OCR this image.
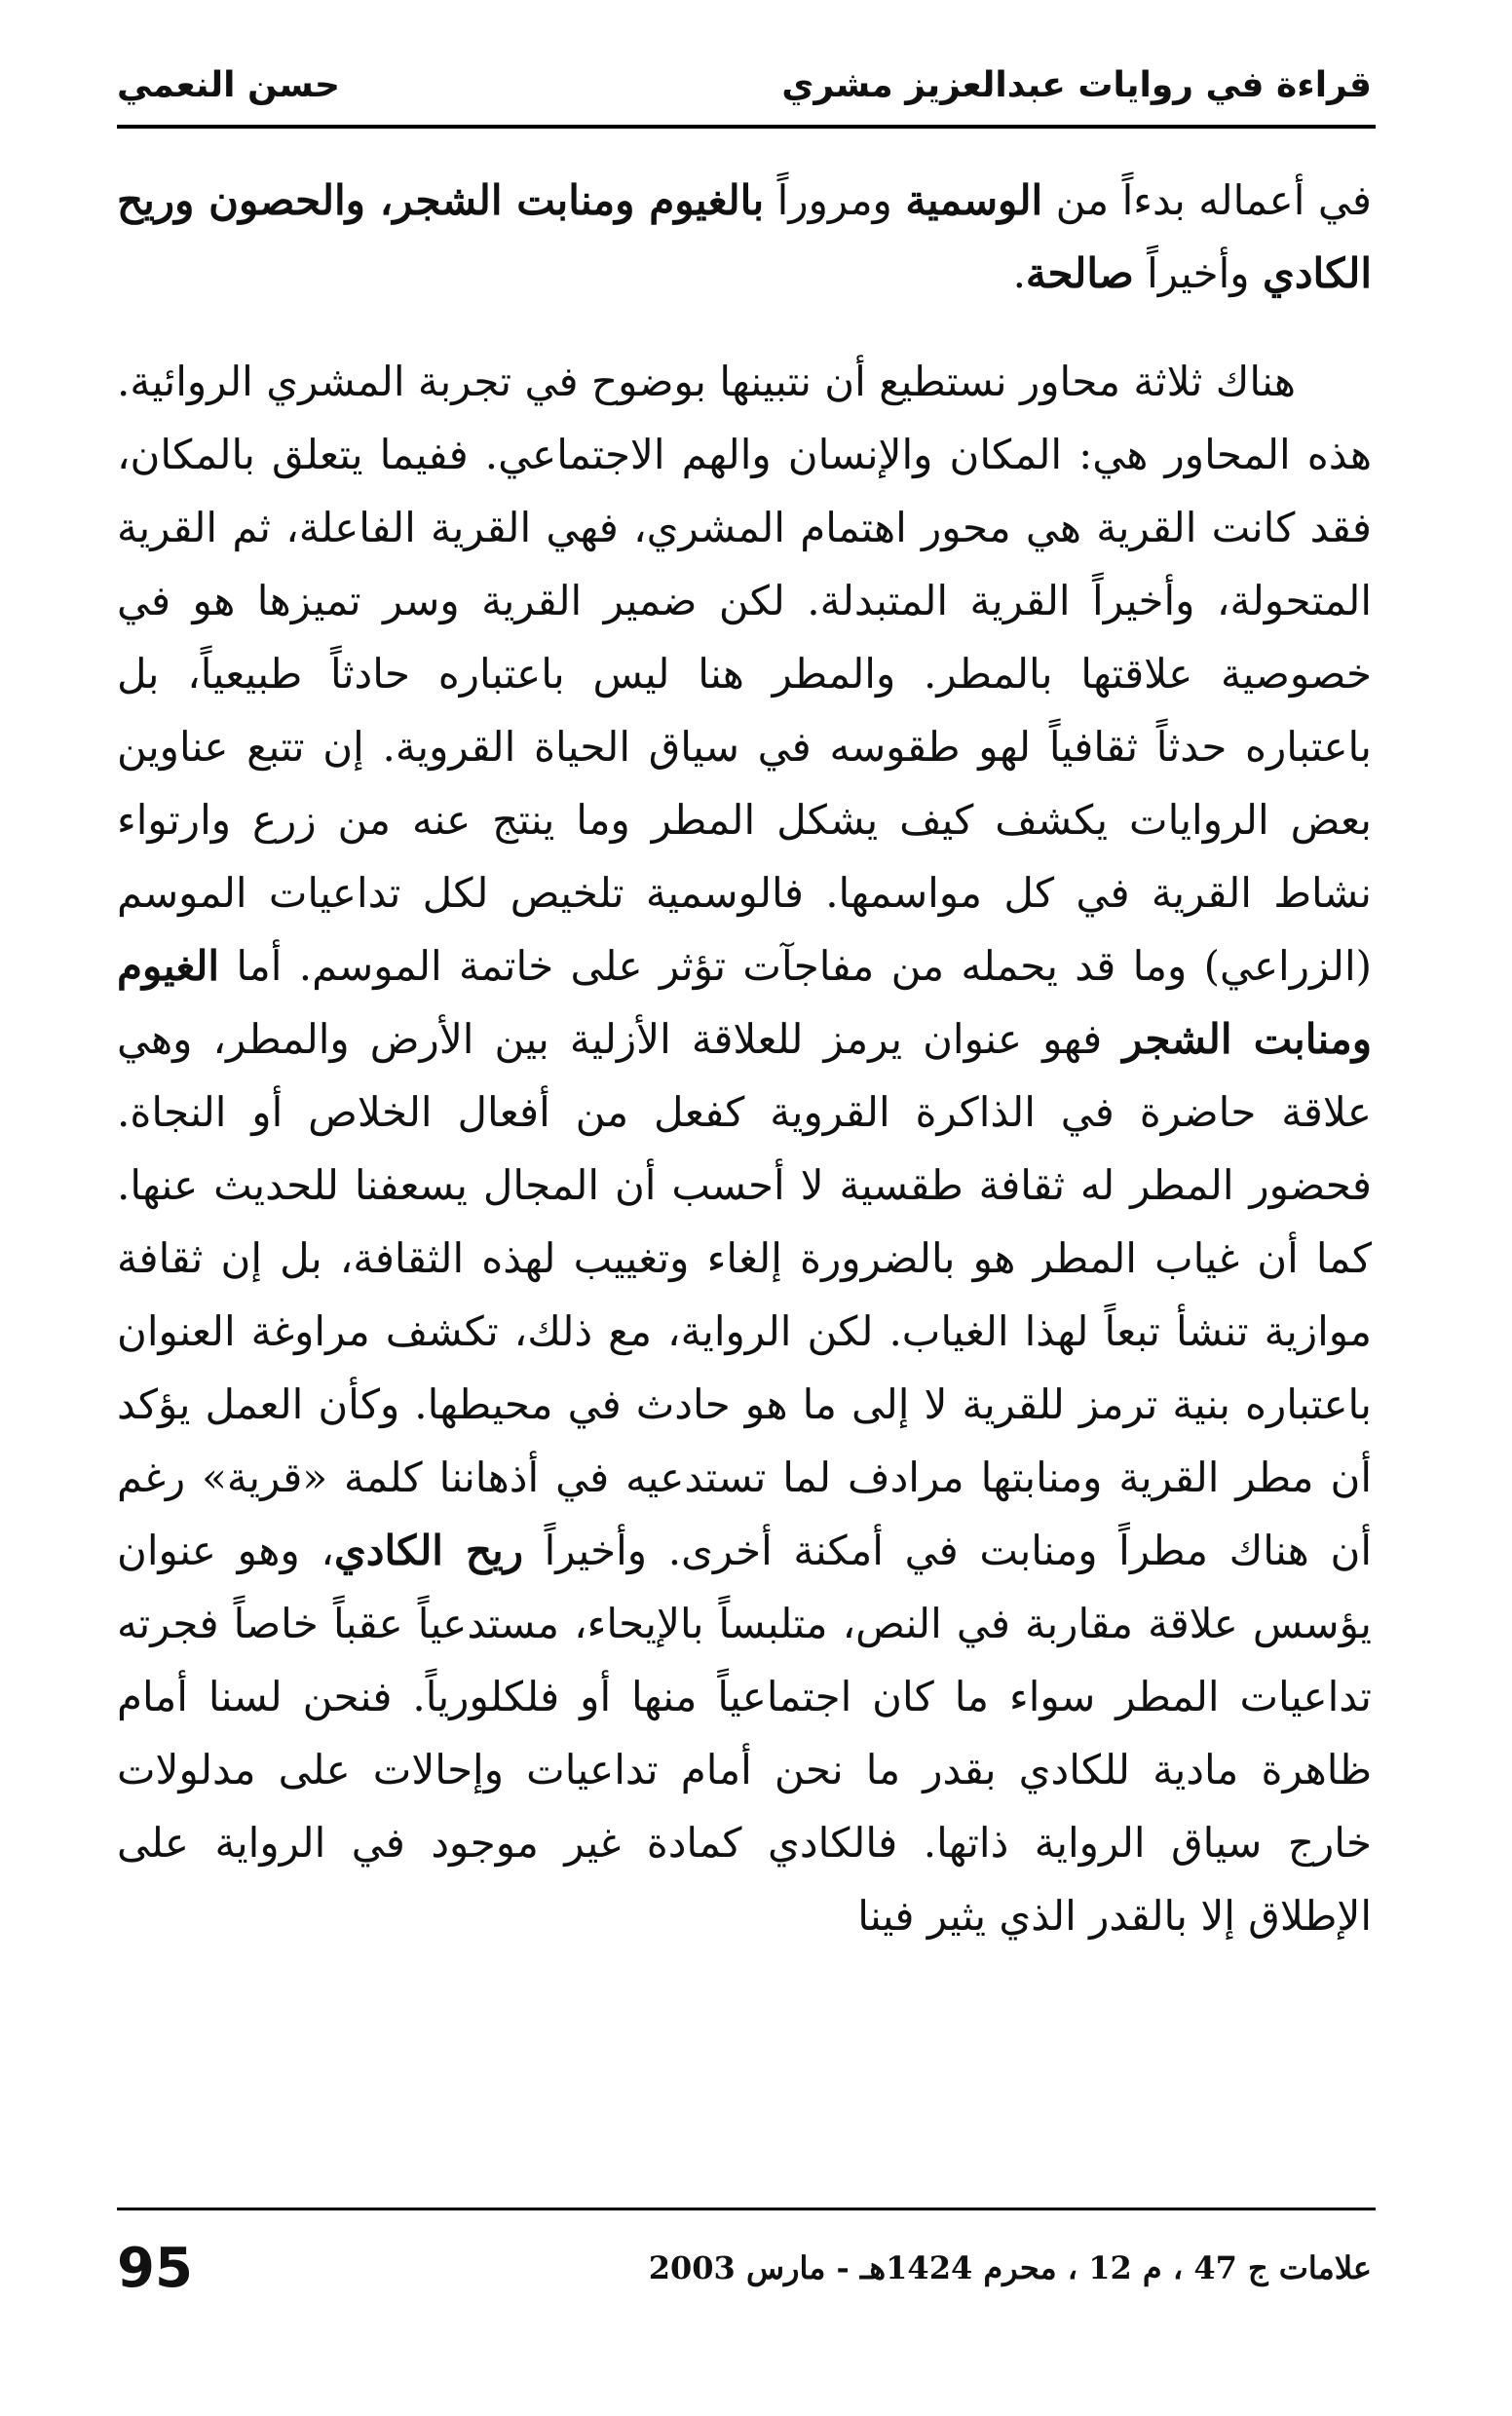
حسن النعمي	قراءة في روايات عبدالعزيز مشري

في أعماله بدءاً من الوسمية ومروراً بالغيوم ومنابت الشجر، والحصون وريح الكادي وأخيراً صالحة.

هناك ثلاثة محاور نستطيع أن نتبينها بوضوح في تجربة المشري الروائية. هذه المحاور هي: المكان والإنسان والهم الاجتماعي. ففيما يتعلق بالمكان، فقد كانت القرية هي محور اهتمام المشري، فهي القرية الفاعلة، ثم القرية المتحولة، وأخيراً القرية المتبدلة. لكن ضمير القرية وسر تميزها هو في خصوصية علاقتها بالمطر. والمطر هنا ليس باعتباره حادثاً طبيعياً، بل باعتباره حدثاً ثقافياً لهو طقوسه في سياق الحياة القروية. إن تتبع عناوين بعض الروايات يكشف كيف يشكل المطر وما ينتج عنه من زرع وارتواء نشاط القرية في كل مواسمها. فالوسمية تلخيص لكل تداعيات الموسم (الزراعي) وما قد يحمله من مفاجآت تؤثر على خاتمة الموسم. أما الغيوم ومنابت الشجر فهو عنوان يرمز للعلاقة الأزلية بين الأرض والمطر، وهي علاقة حاضرة في الذاكرة القروية كفعل من أفعال الخلاص أو النجاة. فحضور المطر له ثقافة طقسية لا أحسب أن المجال يسعفنا للحديث عنها. كما أن غياب المطر هو بالضرورة إلغاء وتغييب لهذه الثقافة، بل إن ثقافة موازية تنشأ تبعاً لهذا الغياب. لكن الرواية، مع ذلك، تكشف مراوغة العنوان باعتباره بنية ترمز للقرية لا إلى ما هو حادث في محيطها. وكأن العمل يؤكد أن مطر القرية ومنابتها مرادف لما تستدعيه في أذهاننا كلمة «قرية» رغم أن هناك مطراً ومنابت في أمكنة أخرى. وأخيراً ريح الكادي، وهو عنوان يؤسس علاقة مقاربة في النص، متلبساً بالإيحاء، مستدعياً عقباً خاصاً فجرته تداعيات المطر سواء ما كان اجتماعياً منها أو فلكلورياً. فنحن لسنا أمام ظاهرة مادية للكادي بقدر ما نحن أمام تداعيات وإحالات على مدلولات خارج سياق الرواية ذاتها. فالكادي كمادة غير موجود في الرواية على الإطلاق إلا بالقدر الذي يثير فينا

95	علامات ج 47 ، م 12 ، محرم 1424هـ - مارس 2003
